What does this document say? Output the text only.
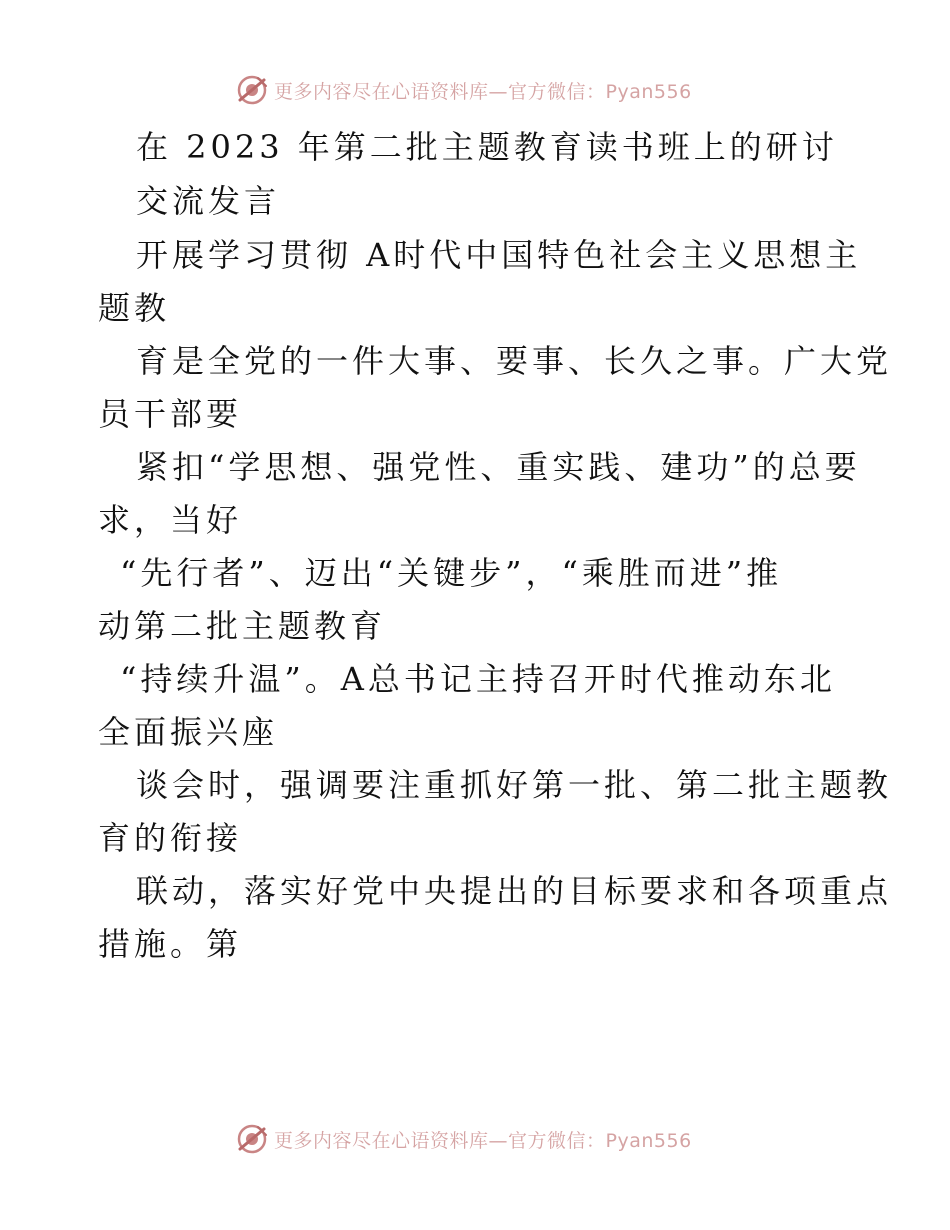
更多内容尽在心语资料库—官方微信：Pyan556
在 2023 年第二批主题教育读书班上的研讨
交流发言
开展学习贯彻 A时代中国特色社会主义思想主
题教
育是全党的一件大事、要事、长久之事。广大党
员干部要
紧扣“学思想、强党性、重实践、建功”的总要
求，当好
“先行者”、迈出“关键步”，“乘胜而进”推
动第二批主题教育
“持续升温”。A总书记主持召开时代推动东北
全面振兴座
谈会时，强调要注重抓好第一批、第二批主题教
育的衔接
联动，落实好党中央提出的目标要求和各项重点
措施。第
更多内容尽在心语资料库—官方微信：Pyan556
